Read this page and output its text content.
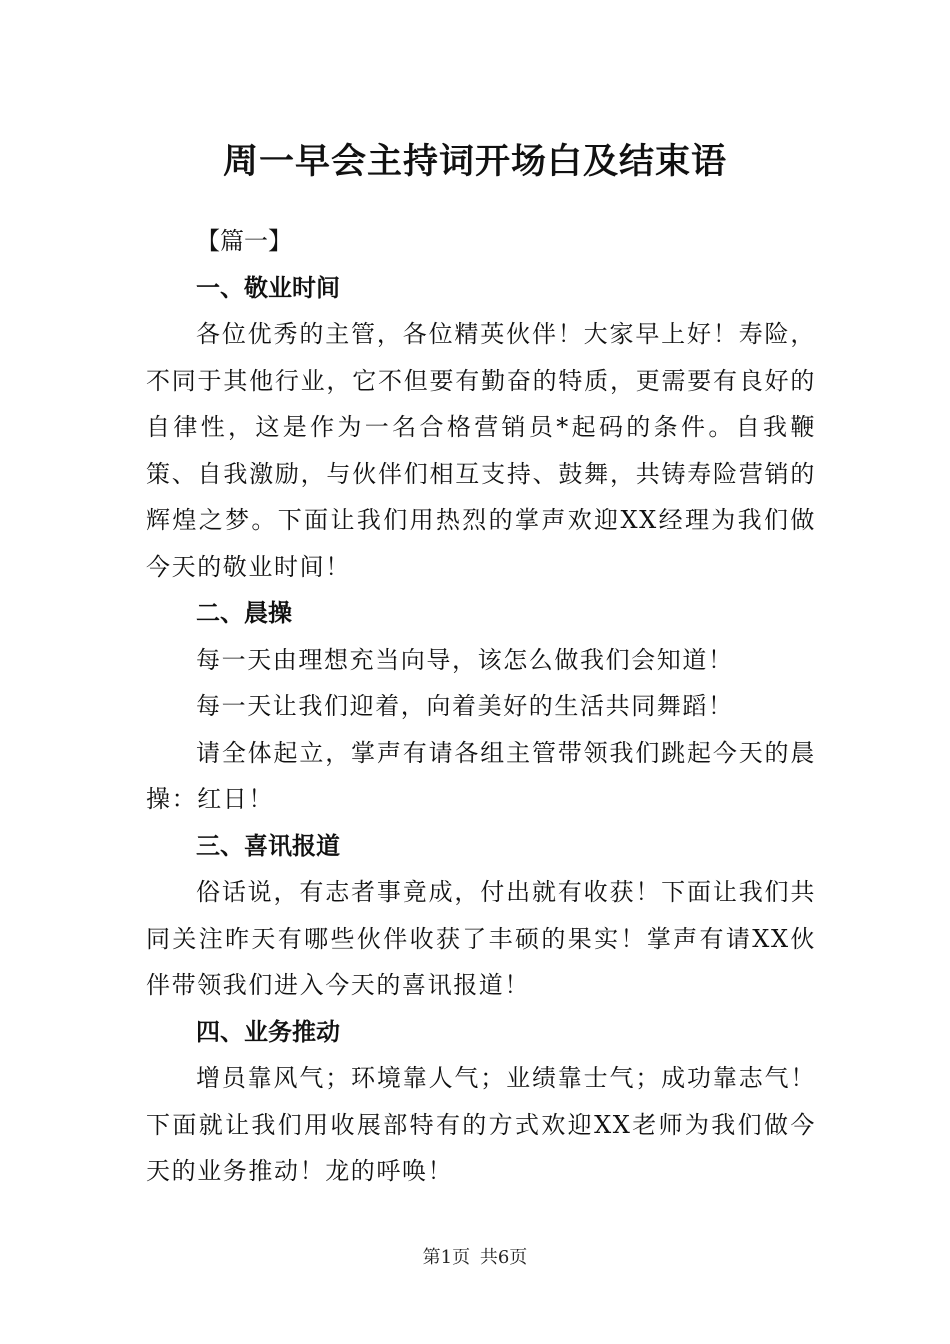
周一早会主持词开场白及结束语

【篇一】

一、敬业时间

各位优秀的主管，各位精英伙伴！大家早上好！寿险，不同于其他行业，它不但要有勤奋的特质，更需要有良好的自律性，这是作为一名合格营销员*起码的条件。自我鞭策、自我激励，与伙伴们相互支持、鼓舞，共铸寿险营销的辉煌之梦。下面让我们用热烈的掌声欢迎XX经理为我们做今天的敬业时间！

二、晨操

每一天由理想充当向导，该怎么做我们会知道！

每一天让我们迎着，向着美好的生活共同舞蹈！

请全体起立，掌声有请各组主管带领我们跳起今天的晨操：红日！

三、喜讯报道

俗话说，有志者事竟成，付出就有收获！下面让我们共同关注昨天有哪些伙伴收获了丰硕的果实！掌声有请XX伙伴带领我们进入今天的喜讯报道！

四、业务推动

增员靠风气；环境靠人气；业绩靠士气；成功靠志气！下面就让我们用收展部特有的方式欢迎XX老师为我们做今天的业务推动！龙的呼唤！

第1页 共6页
